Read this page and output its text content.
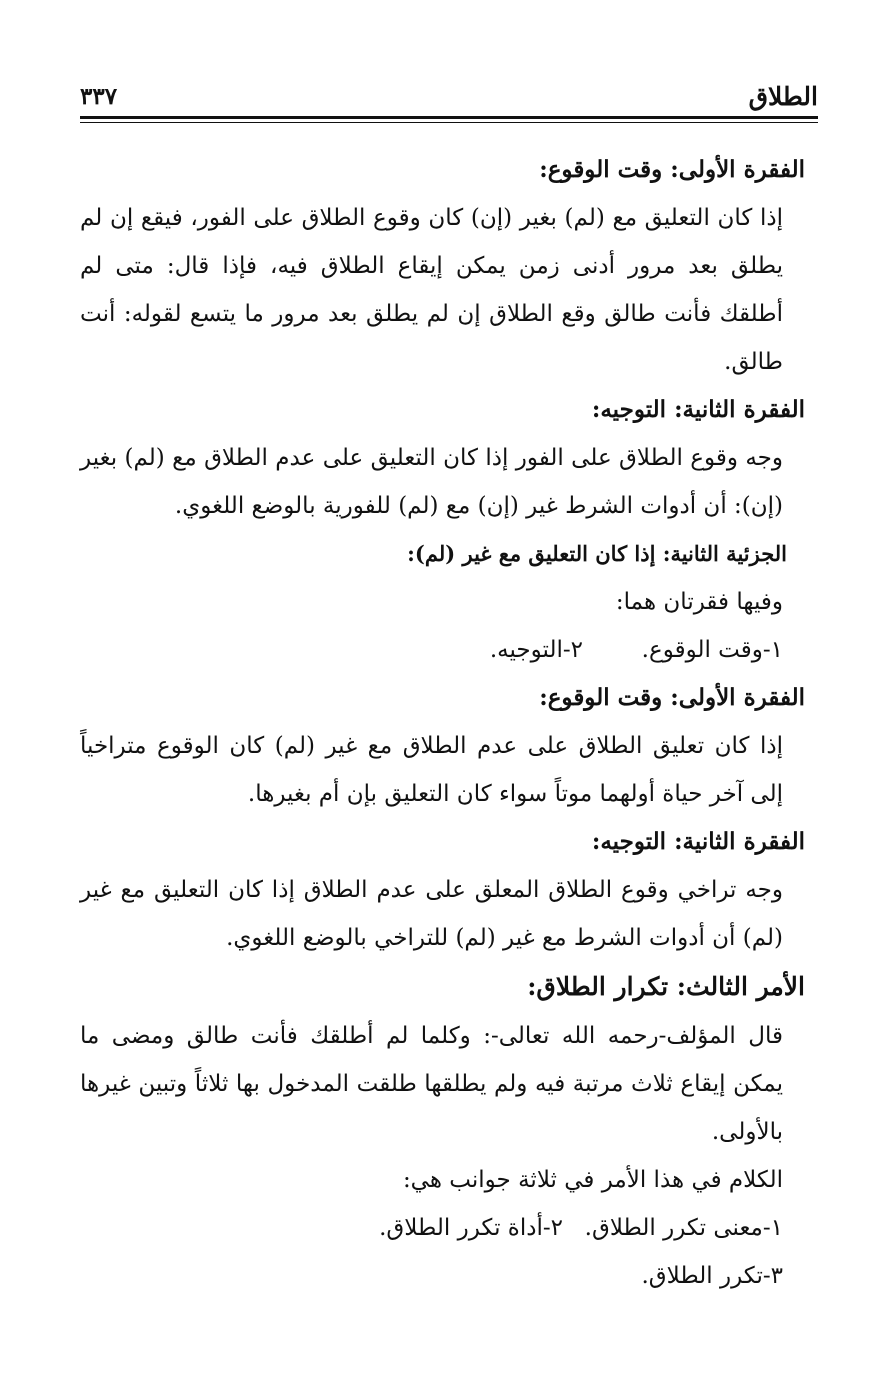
الطلاق
٣٣٧

الفقرة الأولى: وقت الوقوع:

إذا كان التعليق مع (لم) بغير (إن) كان وقوع الطلاق على الفور، فيقع إن لم يطلق بعد مرور أدنى زمن يمكن إيقاع الطلاق فيه، فإذا قال: متى لم أطلقك فأنت طالق وقع الطلاق إن لم يطلق بعد مرور ما يتسع لقوله: أنت طالق.

الفقرة الثانية: التوجيه:

وجه وقوع الطلاق على الفور إذا كان التعليق على عدم الطلاق مع (لم) بغير (إن): أن أدوات الشرط غير (إن) مع (لم) للفورية بالوضع اللغوي.

الجزئية الثانية: إذا كان التعليق مع غير (لم):

وفيها فقرتان هما:

١-وقت الوقوع.
٢-التوجيه.

الفقرة الأولى: وقت الوقوع:

إذا كان تعليق الطلاق على عدم الطلاق مع غير (لم) كان الوقوع متراخياً إلى آخر حياة أولهما موتاً سواء كان التعليق بإن أم بغيرها.

الفقرة الثانية: التوجيه:

وجه تراخي وقوع الطلاق المعلق على عدم الطلاق إذا كان التعليق مع غير (لم) أن أدوات الشرط مع غير (لم) للتراخي بالوضع اللغوي.

الأمر الثالث: تكرار الطلاق:

قال المؤلف-رحمه الله تعالى-: وكلما لم أطلقك فأنت طالق ومضى ما يمكن إيقاع ثلاث مرتبة فيه ولم يطلقها طلقت المدخول بها ثلاثاً وتبين غيرها بالأولى.

الكلام في هذا الأمر في ثلاثة جوانب هي:

١-معنى تكرر الطلاق.
٢-أداة تكرر الطلاق.

٣-تكرر الطلاق.
